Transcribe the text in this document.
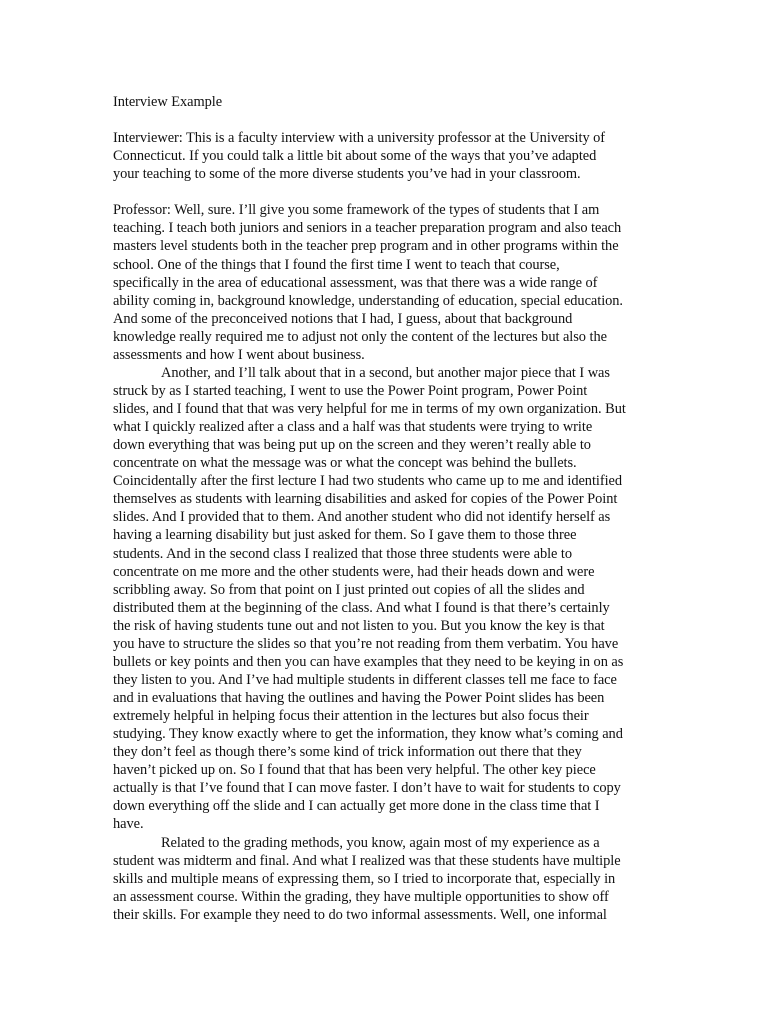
Interview Example

Interviewer: This is a faculty interview with a university professor at the University of
Connecticut. If you could talk a little bit about some of the ways that you’ve adapted
your teaching to some of the more diverse students you’ve had in your classroom.

Professor: Well, sure. I’ll give you some framework of the types of students that I am
teaching. I teach both juniors and seniors in a teacher preparation program and also teach
masters level students both in the teacher prep program and in other programs within the
school. One of the things that I found the first time I went to teach that course,
specifically in the area of educational assessment, was that there was a wide range of
ability coming in, background knowledge, understanding of education, special education.
And some of the preconceived notions that I had, I guess, about that background
knowledge really required me to adjust not only the content of the lectures but also the
assessments and how I went about business.

Another, and I’ll talk about that in a second, but another major piece that I was
struck by as I started teaching, I went to use the Power Point program, Power Point
slides, and I found that that was very helpful for me in terms of my own organization. But
what I quickly realized after a class and a half was that students were trying to write
down everything that was being put up on the screen and they weren’t really able to
concentrate on what the message was or what the concept was behind the bullets.
Coincidentally after the first lecture I had two students who came up to me and identified
themselves as students with learning disabilities and asked for copies of the Power Point
slides. And I provided that to them. And another student who did not identify herself as
having a learning disability but just asked for them. So I gave them to those three
students. And in the second class I realized that those three students were able to
concentrate on me more and the other students were, had their heads down and were
scribbling away. So from that point on I just printed out copies of all the slides and
distributed them at the beginning of the class. And what I found is that there’s certainly
the risk of having students tune out and not listen to you. But you know the key is that
you have to structure the slides so that you’re not reading from them verbatim. You have
bullets or key points and then you can have examples that they need to be keying in on as
they listen to you. And I’ve had multiple students in different classes tell me face to face
and in evaluations that having the outlines and having the Power Point slides has been
extremely helpful in helping focus their attention in the lectures but also focus their
studying. They know exactly where to get the information, they know what’s coming and
they don’t feel as though there’s some kind of trick information out there that they
haven’t picked up on. So I found that that has been very helpful. The other key piece
actually is that I’ve found that I can move faster. I don’t have to wait for students to copy
down everything off the slide and I can actually get more done in the class time that I
have.

Related to the grading methods, you know, again most of my experience as a
student was midterm and final. And what I realized was that these students have multiple
skills and multiple means of expressing them, so I tried to incorporate that, especially in
an assessment course. Within the grading, they have multiple opportunities to show off
their skills. For example they need to do two informal assessments. Well, one informal
